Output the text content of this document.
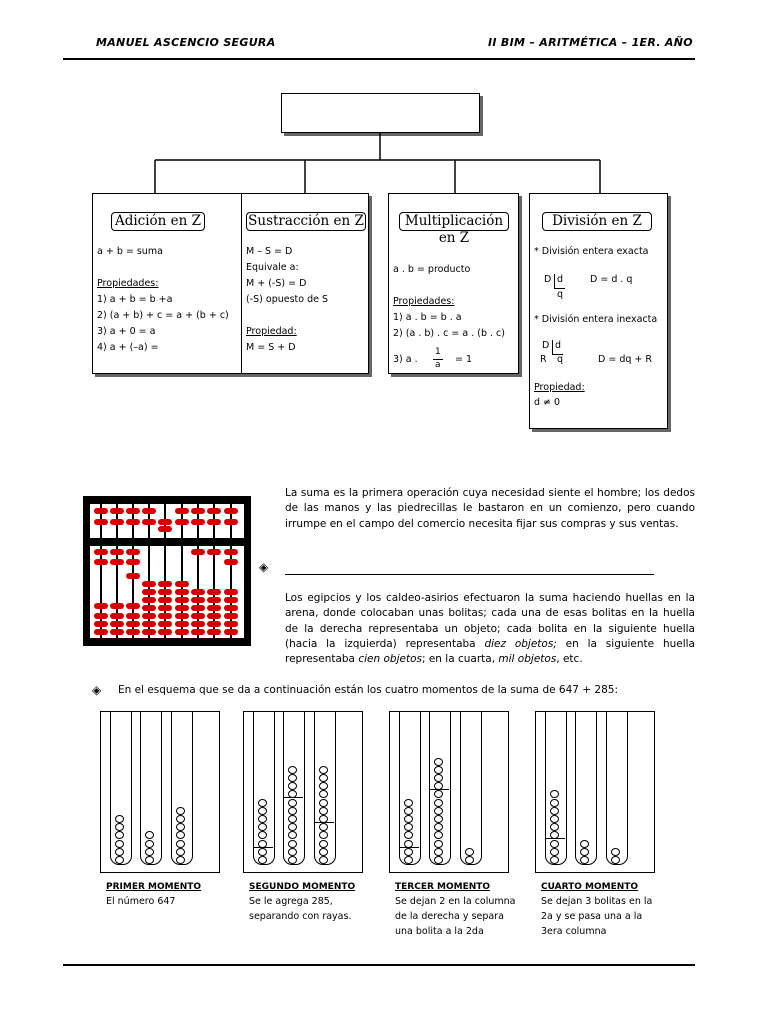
MANUEL ASCENCIO SEGURA	II BIM – ARITMÉTICA – 1ER. AÑO
Adición en Z
a + b = suma

Propiedades:
1) a + b = b +a
2) (a + b) + c = a + (b + c)
3) a + 0 = a
4) a + (–a) =
Sustracción en Z
M – S = D
Equivale a:
M + (-S) = D
(-S) opuesto de S

Propiedad:
M = S + D
Multiplicación en Z
a . b = producto

Propiedades:
1) a . b = b . a
2) (a . b) . c = a . (b . c)
3) a .
1
a = 1
División en Z
* División entera exacta
D d	D = d . q
q
* División entera inexacta
D d
R q	D = dq + R
Propiedad:
d ≠ 0
La suma es la primera operación cuya necesidad siente el hombre; los dedos de las manos y las piedrecillas le bastaron en un comienzo, pero cuando irrumpe en el campo del comercio necesita fijar sus compras y sus ventas.
◈
Los egipcios y los caldeo-asirios efectuaron la suma haciendo huellas en la arena, donde colocaban unas bolitas; cada una de esas bolitas en la huella de la derecha representaba un objeto; cada bolita en la siguiente huella (hacia la izquierda) representaba diez objetos; en la siguiente huella representaba cien objetos; en la cuarta, mil objetos, etc.
◈ En el esquema que se da a continuación están los cuatro momentos de la suma de 647 + 285:
PRIMER MOMENTO
El número 647
SEGUNDO MOMENTO
Se le agrega 285,
separando con rayas.
TERCER MOMENTO
Se dejan 2 en la columna
de la derecha y separa
una bolita a la 2da
CUARTO MOMENTO
Se dejan 3 bolitas en la
2a y se pasa una a la
3era columna
